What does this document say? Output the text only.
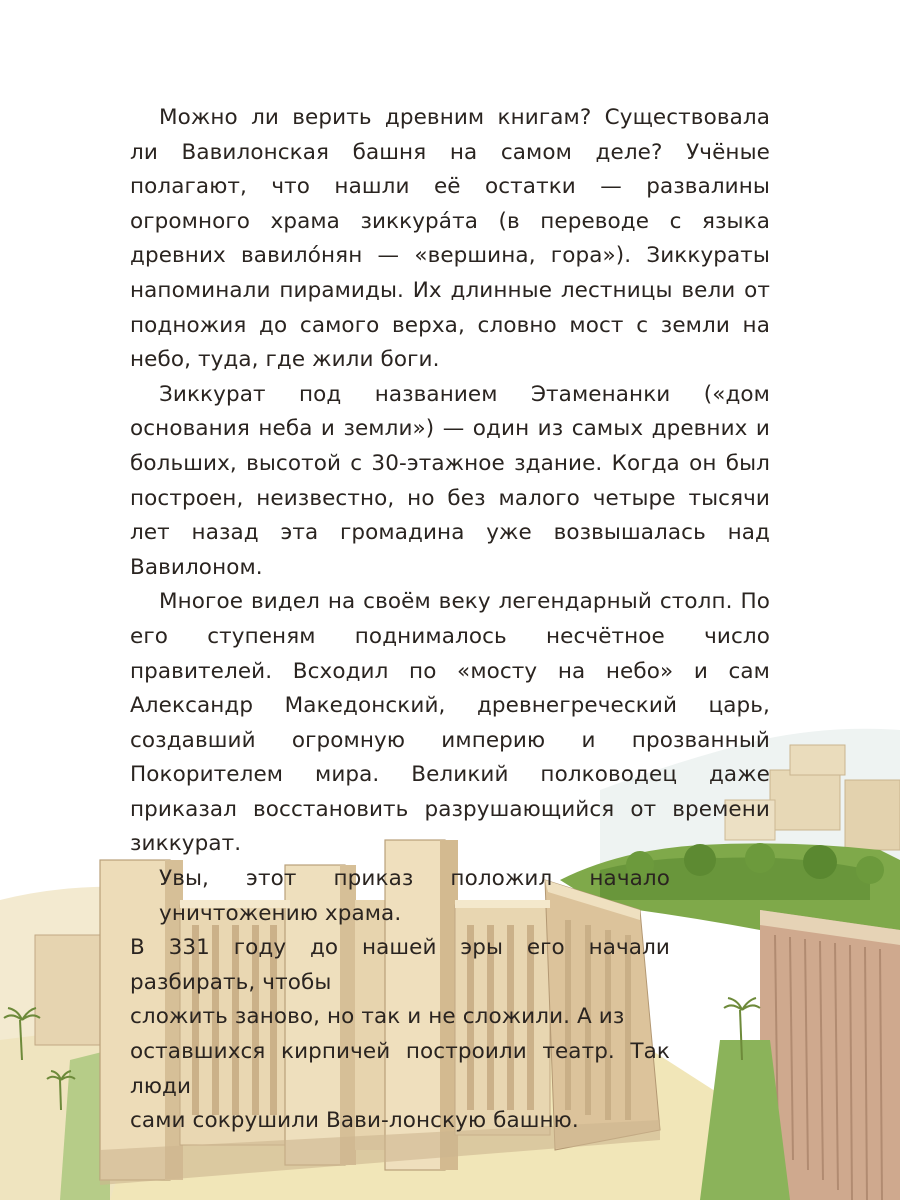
Можно ли верить древним книгам? Существовала ли Вавилонская башня на самом деле? Учёные полагают, что нашли её остатки — развалины огромного храма зиккура́та (в переводе с языка древних вавило́нян — «вершина, гора»). Зиккураты напоминали пирамиды. Их длинные лестницы вели от подножия до самого верха, словно мост с земли на небо, туда, где жили боги.

Зиккурат под названием Этаменанки («дом основания неба и земли») — один из самых древних и больших, высотой с 30-этажное здание. Когда он был построен, неизвестно, но без малого четыре тысячи лет назад эта громадина уже возвышалась над Вавилоном.

Многое видел на своём веку легендарный столп. По его ступеням поднималось несчётное число правителей. Всходил по «мосту на небо» и сам Александр Македонский, древнегреческий царь, создавший огромную империю и прозванный Покорителем мира. Великий полководец даже приказал восстановить разрушающийся от времени зиккурат.

Увы, этот приказ положил начало уничтожению храма.
В 331 году до нашей эры его начали разбирать, чтобы
сложить заново, но так и не сложили. А из
оставшихся кирпичей построили театр. Так люди
сами сокрушили Вави-лонскую башню.
